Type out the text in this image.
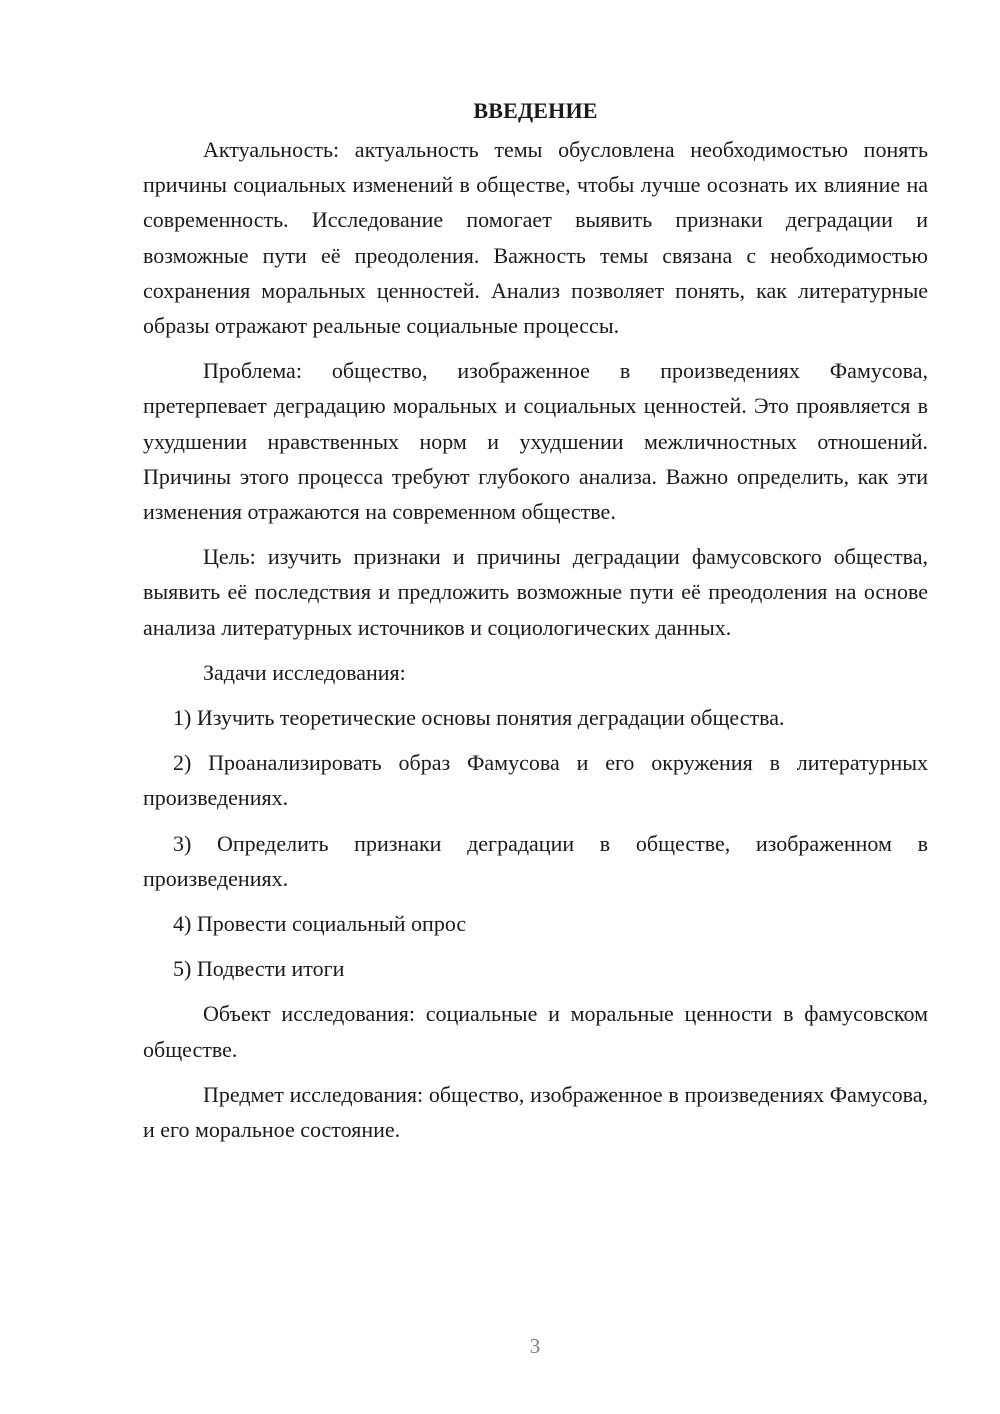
ВВЕДЕНИЕ

Актуальность: актуальность темы обусловлена необходимостью понять причины социальных изменений в обществе, чтобы лучше осознать их влияние на современность. Исследование помогает выявить признаки деградации и возможные пути её преодоления. Важность темы связана с необходимостью сохранения моральных ценностей. Анализ позволяет понять, как литературные образы отражают реальные социальные процессы.

Проблема: общество, изображенное в произведениях Фамусова, претерпевает деградацию моральных и социальных ценностей. Это проявляется в ухудшении нравственных норм и ухудшении межличностных отношений. Причины этого процесса требуют глубокого анализа. Важно определить, как эти изменения отражаются на современном обществе.

Цель: изучить признаки и причины деградации фамусовского общества, выявить её последствия и предложить возможные пути её преодоления на основе анализа литературных источников и социологических данных.

Задачи исследования:

1) Изучить теоретические основы понятия деградации общества.

2) Проанализировать образ Фамусова и его окружения в литературных произведениях.

3) Определить признаки деградации в обществе, изображенном в произведениях.

4) Провести социальный опрос

5) Подвести итоги

Объект исследования: социальные и моральные ценности в фамусовском обществе.

Предмет исследования: общество, изображенное в произведениях Фамусова, и его моральное состояние.

3
